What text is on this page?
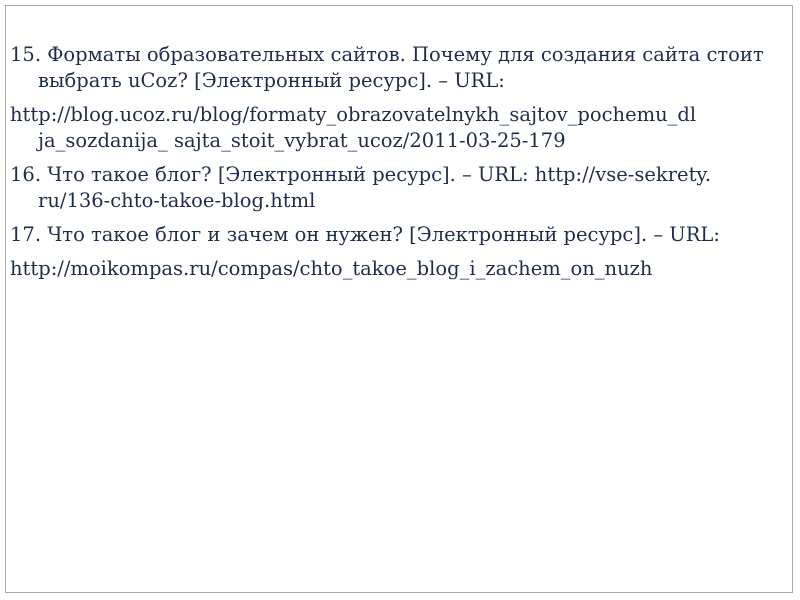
15. Форматы образовательных сайтов. Почему для создания сайта стоит
выбрать uCoz? [Электронный ресурс]. – URL:

http://blog.ucoz.ru/blog/formaty_obrazovatelnykh_sajtov_pochemu_dl
ja_sozdanija_ sajta_stoit_vybrat_ucoz/2011-03-25-179

16. Что такое блог? [Электронный ресурс]. – URL: http://vse-sekrety.
ru/136-chto-takoe-blog.html

17. Что такое блог и зачем он нужен? [Электронный ресурс]. – URL:

http://moikompas.ru/compas/chto_takoe_blog_i_zachem_on_nuzh
